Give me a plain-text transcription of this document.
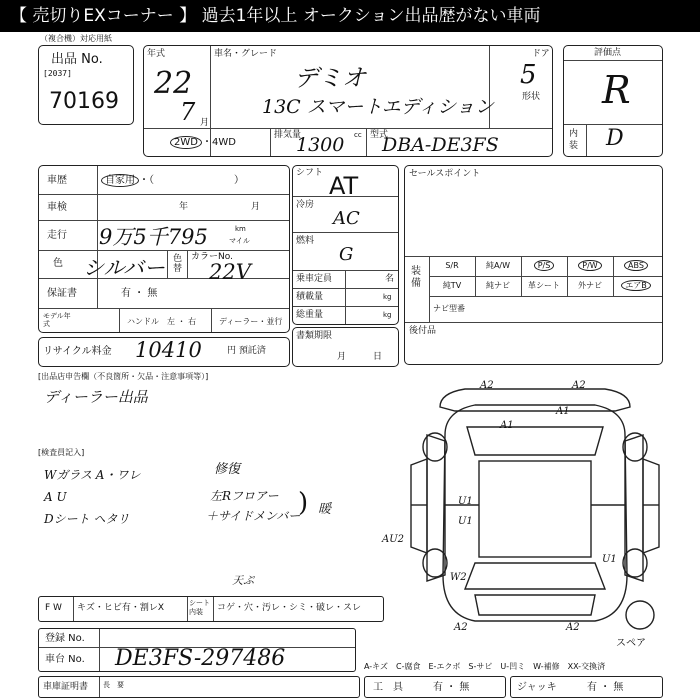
【 売切りEXコーナー 】 過去1年以上 オークション出品歴がない車両
（複合機）対応用紙
出品 No.
[2037]
70169
年式
22
7 月
車名・グレード
デミオ
13C スマートエディション
ドア
5
形状
2WD ・4WD
排気量
1300 cc 型式
DBA-DE3FS
評価点
R
内装 D
車歴	自家用 ・（　　　　　　　　）
車検	年	月
走行 9万5千795	km
マイル
色 シルバー 色替
カラーNo.
22V
保証書	有 ・ 無
モデル年式	ハンドル　左 ・ 右	ディーラー・並行
シフト AT
冷房
AC
燃料
G
乗車定員	名
積載量	kg
総重量	kg
書類期限
月　　　日
リサイクル料金 10410	円 預託済
セールスポイント
装備
S/R	純A/W	P/S	P/W	ABS
純TV	純ナビ	革シート	外ナビ	エアB
ナビ型番
後付品
[出品店申告欄（不良箇所・欠品・注意事項等）]
ディーラー出品
[検査員記入]
Wガラス A・ワレ
A U
Dシート ヘタリ
修復
左Rフロアー
＋サイドメンバー
) 暖
A2	A2
A1
A1
AU2
W2
U1
U1
U1
A2	A2
スペア
天ぷ
F W キズ・ヒビ有・割レX	シート内装	コゲ・穴・汚レ・シミ・破レ・スレ
登録 No.
車台 No. DE3FS-297486	A-キズ　C-腐食　E-エクボ　S-サビ　U-凹ミ　W-補修　XX-交換済
車庫証明書 長　要	工　具	有 ・ 無	ジャッキ	有 ・ 無
